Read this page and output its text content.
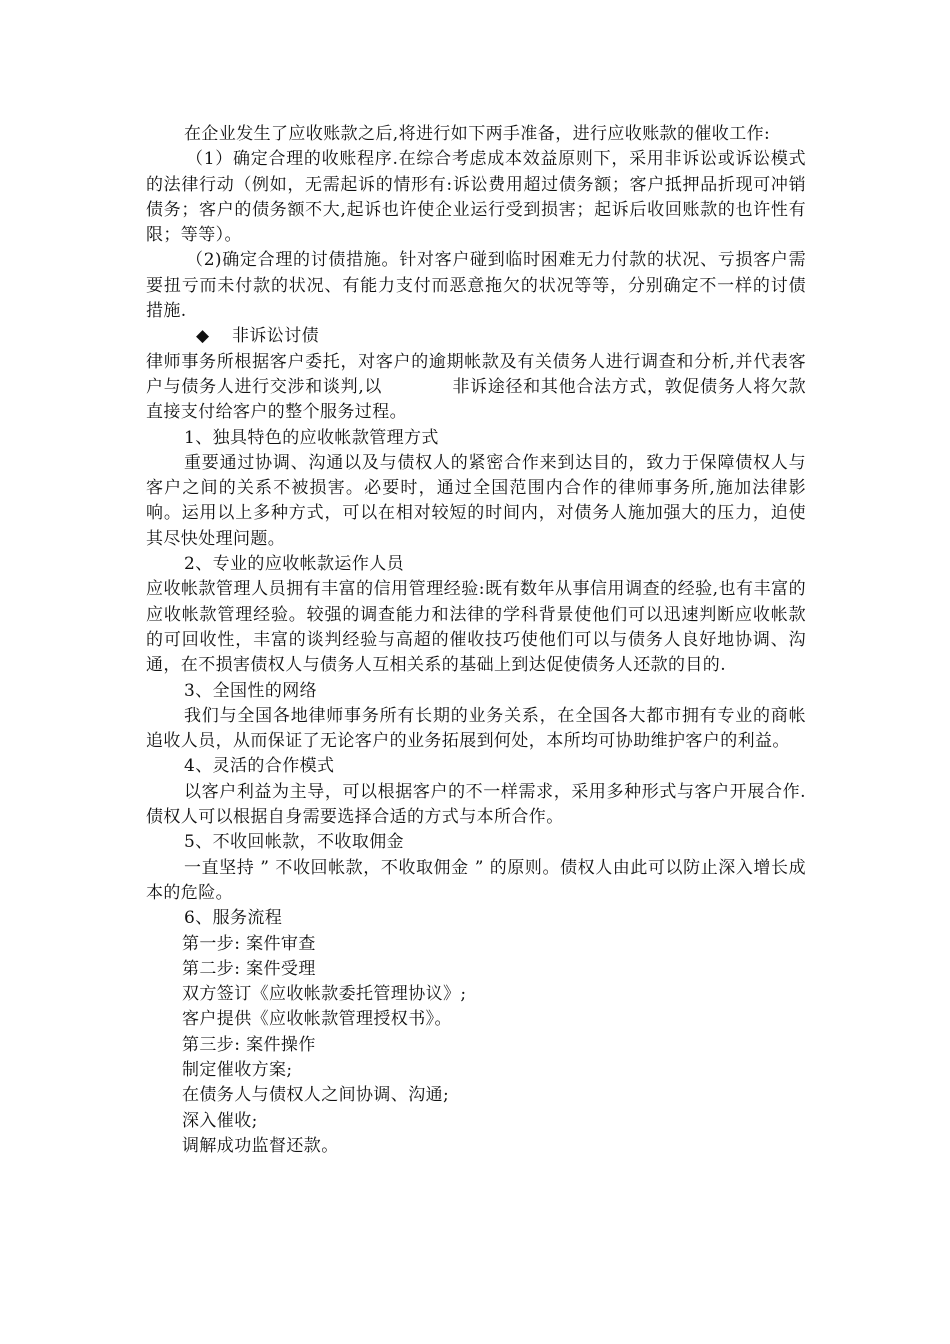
在企业发生了应收账款之后,将进行如下两手准备，进行应收账款的催收工作:

（1）确定合理的收账程序.在综合考虑成本效益原则下，采用非诉讼或诉讼模式的法律行动（例如，无需起诉的情形有:诉讼费用超过债务额；客户抵押品折现可冲销债务；客户的债务额不大,起诉也许使企业运行受到损害；起诉后收回账款的也许性有限；等等）。

（2)确定合理的讨债措施。针对客户碰到临时困难无力付款的状况、亏损客户需要扭亏而未付款的状况、有能力支付而恶意拖欠的状况等等，分别确定不一样的讨债措施.

◆ 非诉讼讨债

律师事务所根据客户委托，对客户的逾期帐款及有关债务人进行调查和分析,并代表客户与债务人进行交涉和谈判,以	非诉途径和其他合法方式，敦促债务人将欠款直接支付给客户的整个服务过程。

1、独具特色的应收帐款管理方式

重要通过协调、沟通以及与债权人的紧密合作来到达目的，致力于保障债权人与客户之间的关系不被损害。必要时，通过全国范围内合作的律师事务所,施加法律影响。运用以上多种方式，可以在相对较短的时间内，对债务人施加强大的压力，迫使其尽快处理问题。

2、专业的应收帐款运作人员

应收帐款管理人员拥有丰富的信用管理经验:既有数年从事信用调查的经验,也有丰富的应收帐款管理经验。较强的调查能力和法律的学科背景使他们可以迅速判断应收帐款的可回收性，丰富的谈判经验与高超的催收技巧使他们可以与债务人良好地协调、沟通，在不损害债权人与债务人互相关系的基础上到达促使债务人还款的目的.

3、全国性的网络

我们与全国各地律师事务所有长期的业务关系，在全国各大都市拥有专业的商帐追收人员，从而保证了无论客户的业务拓展到何处，本所均可协助维护客户的利益。

4、灵活的合作模式

以客户利益为主导，可以根据客户的不一样需求，采用多种形式与客户开展合作.债权人可以根据自身需要选择合适的方式与本所合作。

5、不收回帐款，不收取佣金

一直坚持 ” 不收回帐款，不收取佣金 ” 的原则。债权人由此可以防止深入增长成本的危险。

6、服务流程

第一步: 案件审查

第二步: 案件受理

双方签订《应收帐款委托管理协议》;

客户提供《应收帐款管理授权书》。

第三步: 案件操作

制定催收方案;

在债务人与债权人之间协调、沟通;

深入催收;

调解成功监督还款。
